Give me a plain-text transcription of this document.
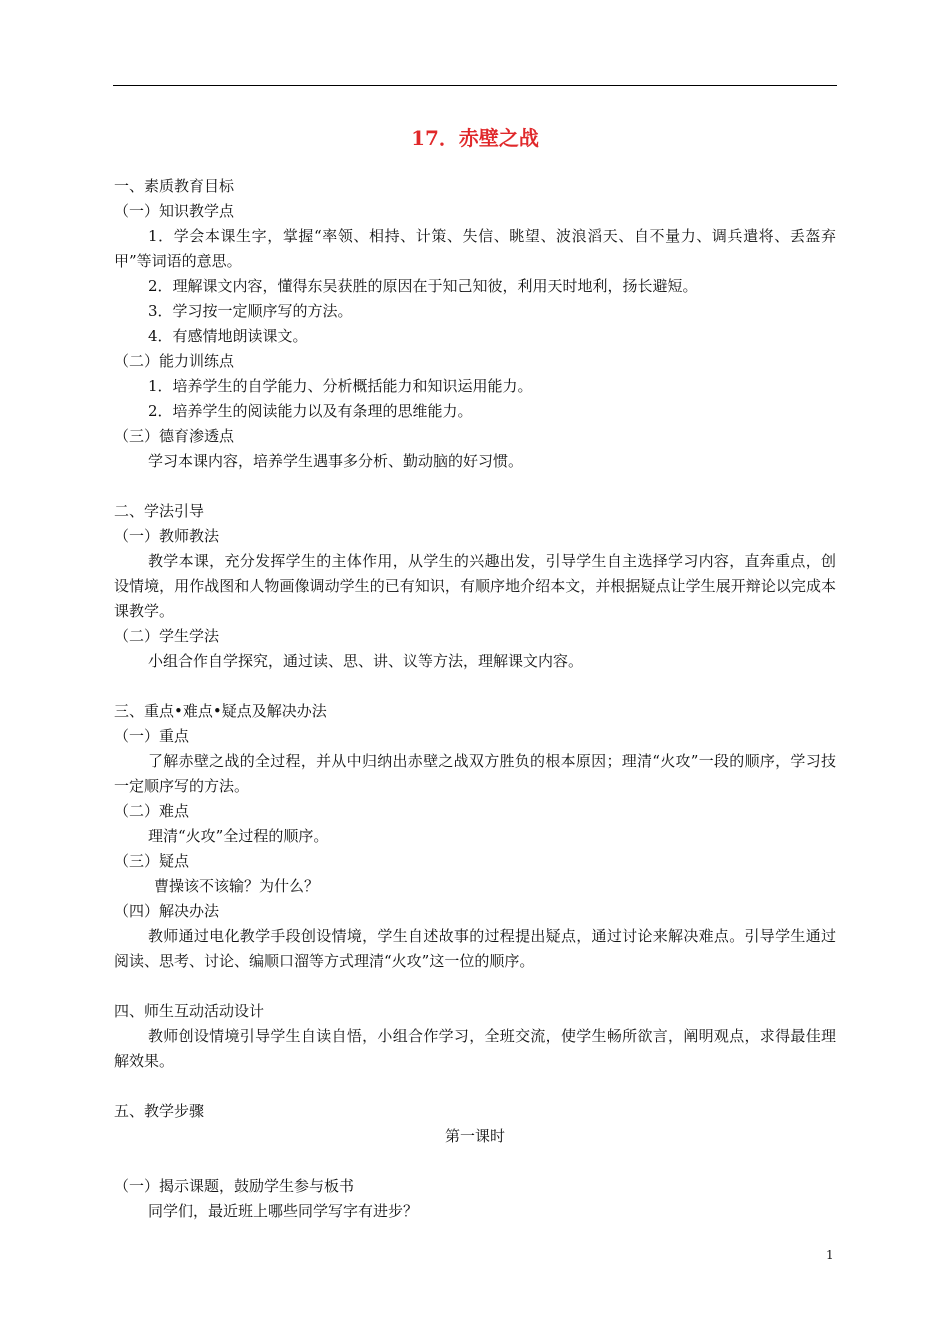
17．赤壁之战

一、素质教育目标

（一）知识教学点

1．学会本课生字，掌握“率领、相持、计策、失信、眺望、波浪滔天、自不量力、调兵遣将、丢盔弃甲”等词语的意思。

2．理解课文内容，懂得东吴获胜的原因在于知己知彼，利用天时地利，扬长避短。

3．学习按一定顺序写的方法。

4．有感情地朗读课文。

（二）能力训练点

1．培养学生的自学能力、分析概括能力和知识运用能力。

2．培养学生的阅读能力以及有条理的思维能力。

（三）德育渗透点

学习本课内容，培养学生遇事多分析、勤动脑的好习惯。

二、学法引导

（一）教师教法

教学本课，充分发挥学生的主体作用，从学生的兴趣出发，引导学生自主选择学习内容，直奔重点，创设情境，用作战图和人物画像调动学生的已有知识，有顺序地介绍本文，并根据疑点让学生展开辩论以完成本课教学。

（二）学生学法

小组合作自学探究，通过读、思、讲、议等方法，理解课文内容。

三、重点•难点•疑点及解决办法

（一）重点

了解赤壁之战的全过程，并从中归纳出赤壁之战双方胜负的根本原因；理清“火攻”一段的顺序，学习技一定顺序写的方法。

（二）难点

理清“火攻”全过程的顺序。

（三）疑点

曹操该不该输？为什么？

（四）解决办法

教师通过电化教学手段创设情境，学生自述故事的过程提出疑点，通过讨论来解决难点。引导学生通过阅读、思考、讨论、编顺口溜等方式理清“火攻”这一位的顺序。

四、师生互动活动设计

教师创设情境引导学生自读自悟，小组合作学习，全班交流，使学生畅所欲言，阐明观点，求得最佳理解效果。

五、教学步骤

第一课时

（一）揭示课题，鼓励学生参与板书

同学们，最近班上哪些同学写字有进步？

1
